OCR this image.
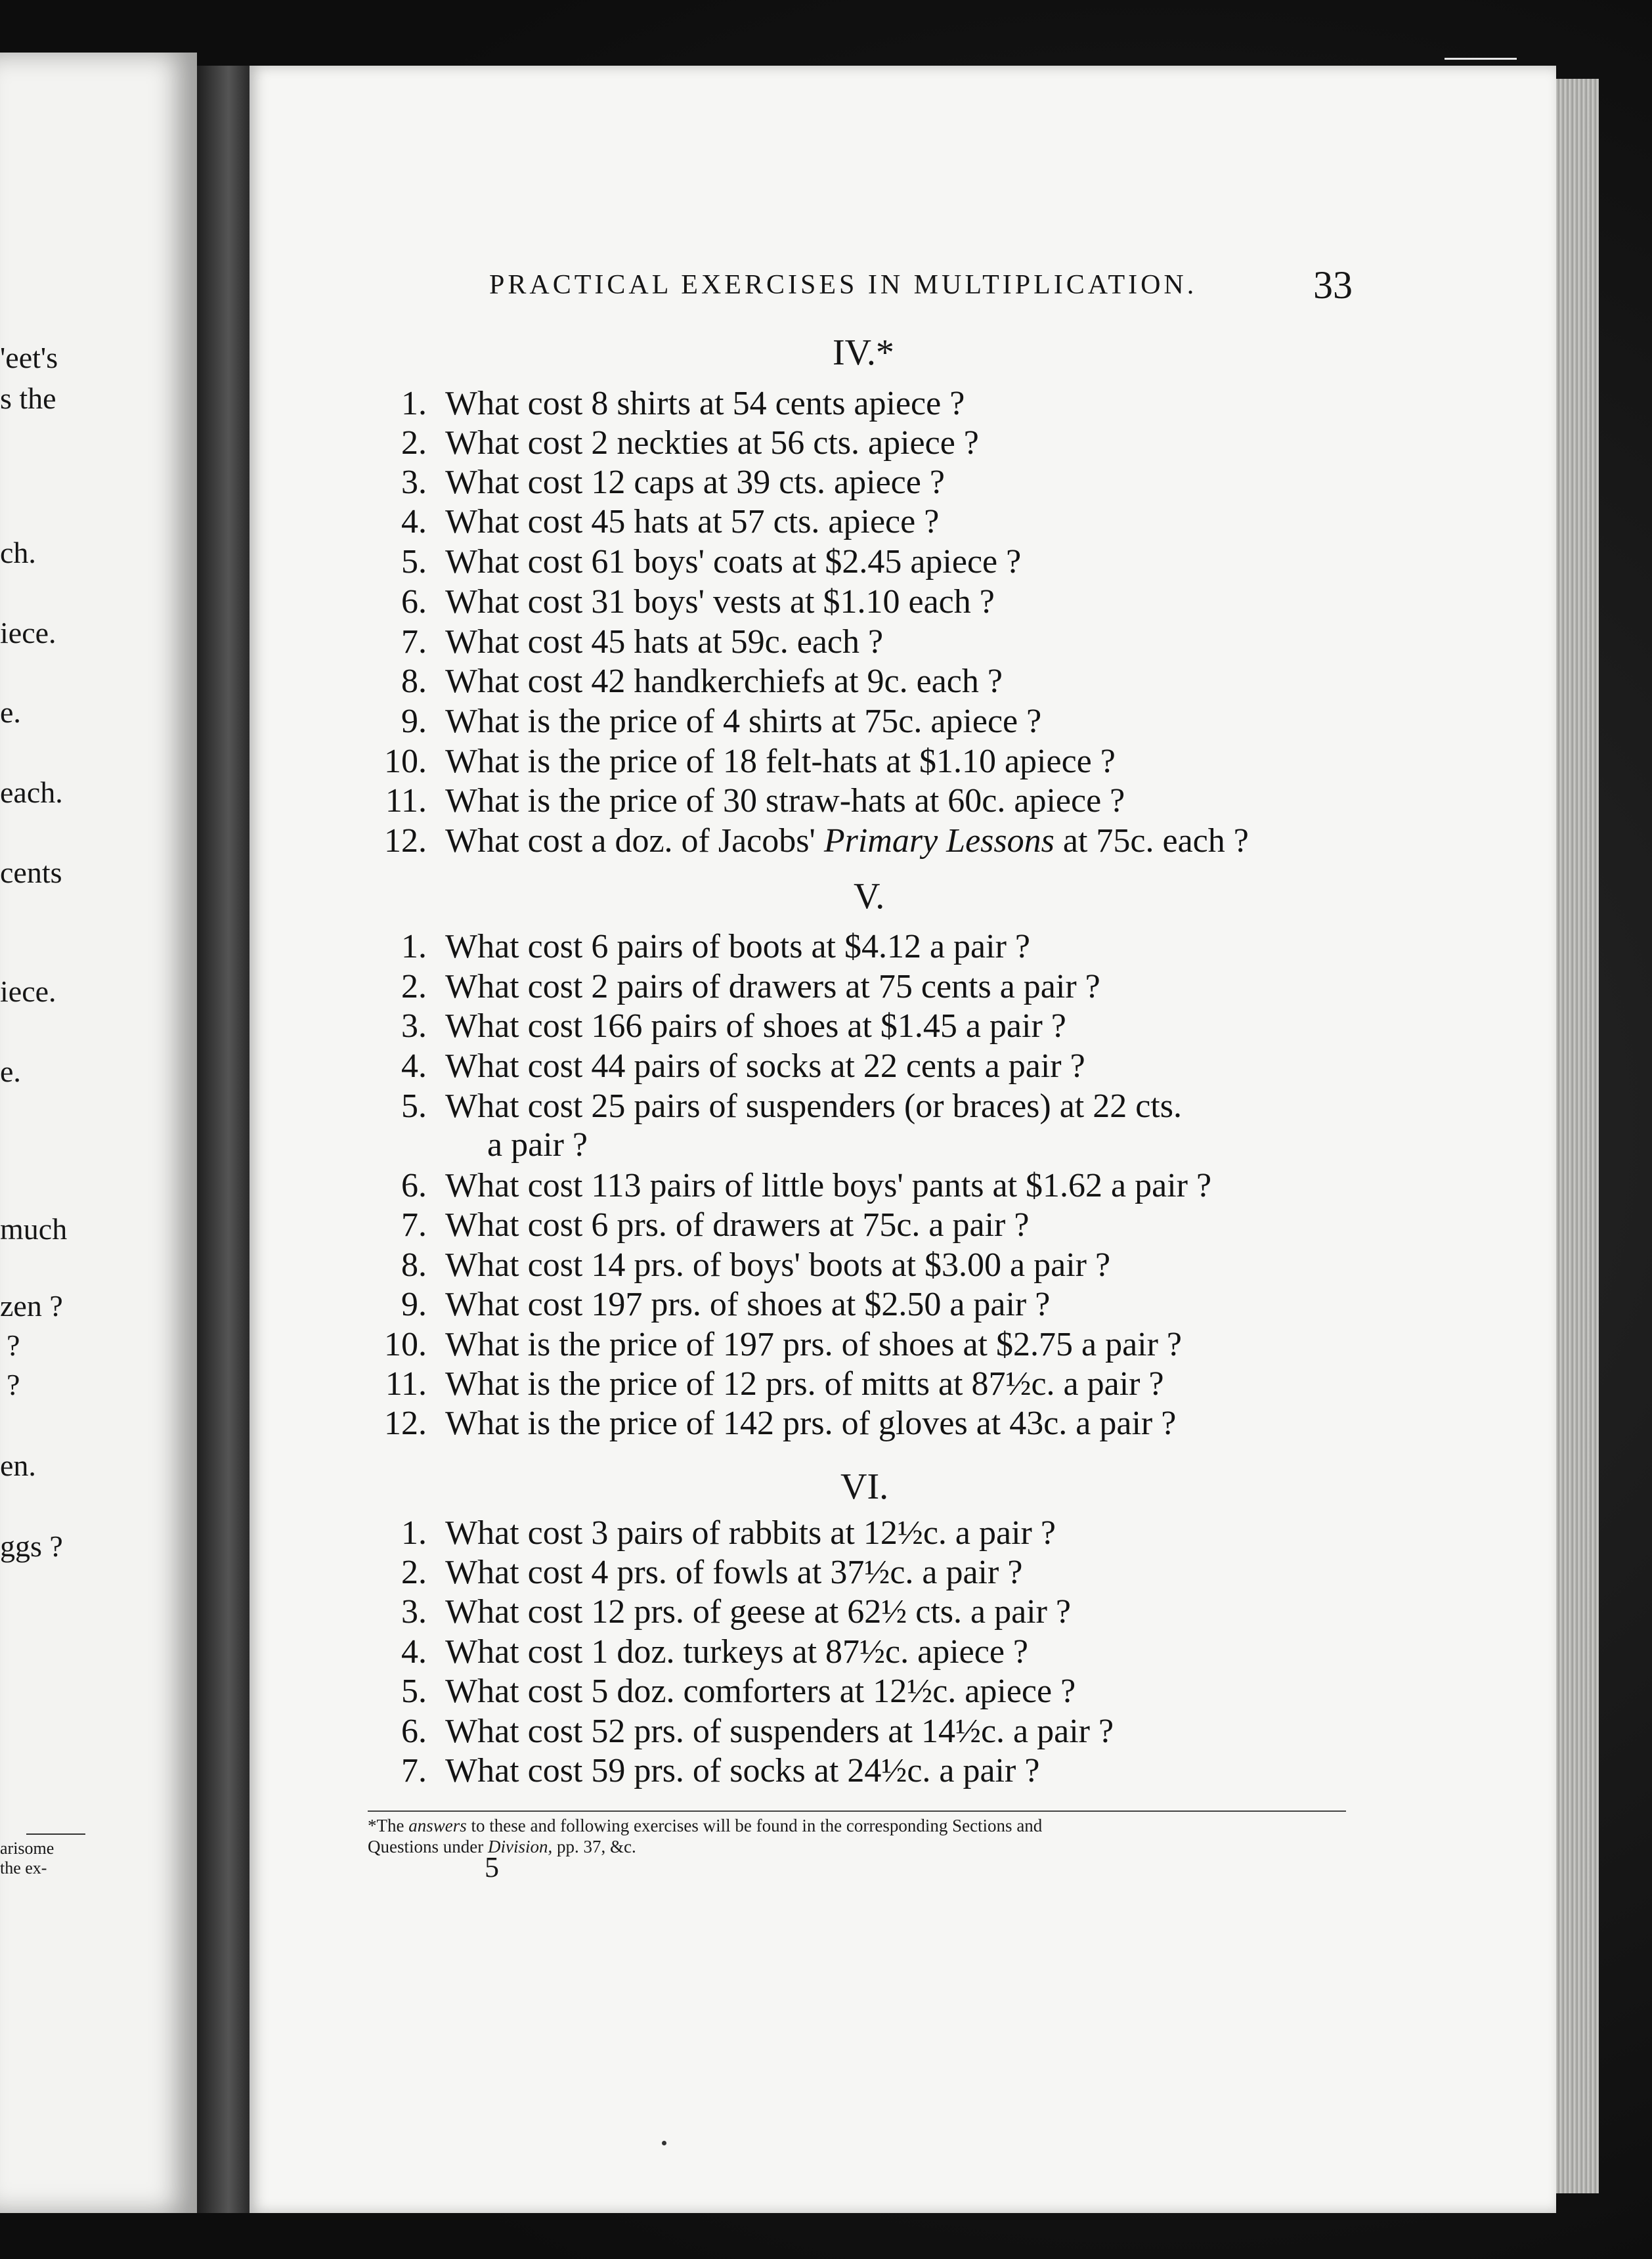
'eet's
s the
ch.
iece.
e.
each.
cents
iece.
e.
much
zen ?
?
?
en.
ggs ?
arisome
the ex-
PRACTICAL EXERCISES IN MULTIPLICATION.	33
IV.*
1. What cost 8 shirts at 54 cents apiece ?
2. What cost 2 neckties at 56 cts. apiece ?
3. What cost 12 caps at 39 cts. apiece ?
4. What cost 45 hats at 57 cts. apiece ?
5. What cost 61 boys' coats at $2.45 apiece ?
6. What cost 31 boys' vests at $1.10 each ?
7. What cost 45 hats at 59c. each ?
8. What cost 42 handkerchiefs at 9c. each ?
9. What is the price of 4 shirts at 75c. apiece ?
10. What is the price of 18 felt-hats at $1.10 apiece ?
11. What is the price of 30 straw-hats at 60c. apiece ?
12. What cost a doz. of Jacobs' Primary Lessons at 75c. each ?
V.
1. What cost 6 pairs of boots at $4.12 a pair ?
2. What cost 2 pairs of drawers at 75 cents a pair ?
3. What cost 166 pairs of shoes at $1.45 a pair ?
4. What cost 44 pairs of socks at 22 cents a pair ?
5. What cost 25 pairs of suspenders (or braces) at 22 cts.
a pair ?
6. What cost 113 pairs of little boys' pants at $1.62 a pair ?
7. What cost 6 prs. of drawers at 75c. a pair ?
8. What cost 14 prs. of boys' boots at $3.00 a pair ?
9. What cost 197 prs. of shoes at $2.50 a pair ?
10. What is the price of 197 prs. of shoes at $2.75 a pair ?
11. What is the price of 12 prs. of mitts at 87½c. a pair ?
12. What is the price of 142 prs. of gloves at 43c. a pair ?
VI.
1. What cost 3 pairs of rabbits at 12½c. a pair ?
2. What cost 4 prs. of fowls at 37½c. a pair ?
3. What cost 12 prs. of geese at 62½ cts. a pair ?
4. What cost 1 doz. turkeys at 87½c. apiece ?
5. What cost 5 doz. comforters at 12½c. apiece ?
6. What cost 52 prs. of suspenders at 14½c. a pair ?
7. What cost 59 prs. of socks at 24½c. a pair ?
*The answers to these and following exercises will be found in the corresponding Sections and
Questions under Division, pp. 37, &c.
5
